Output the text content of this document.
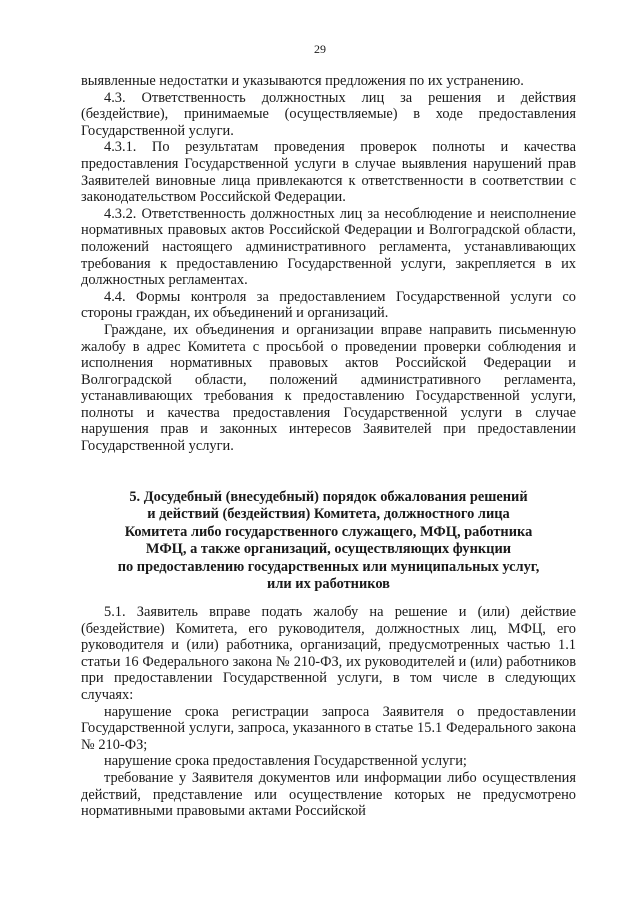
29

выявленные недостатки и указываются предложения по их устранению.

4.3. Ответственность должностных лиц за решения и действия (бездействие), принимаемые (осуществляемые) в ходе предоставления Государственной услуги.

4.3.1. По результатам проведения проверок полноты и качества предоставления Государственной услуги в случае выявления нарушений прав Заявителей виновные лица привлекаются к ответственности в соответствии с законодательством Российской Федерации.

4.3.2. Ответственность должностных лиц за несоблюдение и неисполнение нормативных правовых актов Российской Федерации и Волгоградской области, положений настоящего административного регламента, устанавливающих требования к предоставлению Государственной услуги, закрепляется в их должностных регламентах.

4.4. Формы контроля за предоставлением Государственной услуги со стороны граждан, их объединений и организаций.

Граждане, их объединения и организации вправе направить письменную жалобу в адрес Комитета с просьбой о проведении проверки соблюдения и исполнения нормативных правовых актов Российской Федерации и Волгоградской области, положений административного регламента, устанавливающих требования к предоставлению Государственной услуги, полноты и качества предоставления Государственной услуги в случае нарушения прав и законных интересов Заявителей при предоставлении Государственной услуги.

5. Досудебный (внесудебный) порядок обжалования решений
и действий (бездействия) Комитета, должностного лица
Комитета либо государственного служащего, МФЦ, работника
МФЦ, а также организаций, осуществляющих функции
по предоставлению государственных или муниципальных услуг,
или их работников

5.1. Заявитель вправе подать жалобу на решение и (или) действие (бездействие) Комитета, его руководителя, должностных лиц, МФЦ, его руководителя и (или) работника, организаций, предусмотренных частью 1.1 статьи 16 Федерального закона № 210-ФЗ, их руководителей и (или) работников при предоставлении Государственной услуги, в том числе в следующих случаях:

нарушение срока регистрации запроса Заявителя о предоставлении Государственной услуги, запроса, указанного в статье 15.1 Федерального закона № 210-ФЗ;

нарушение срока предоставления Государственной услуги;

требование у Заявителя документов или информации либо осуществления действий, представление или осуществление которых не предусмотрено нормативными правовыми актами Российской
